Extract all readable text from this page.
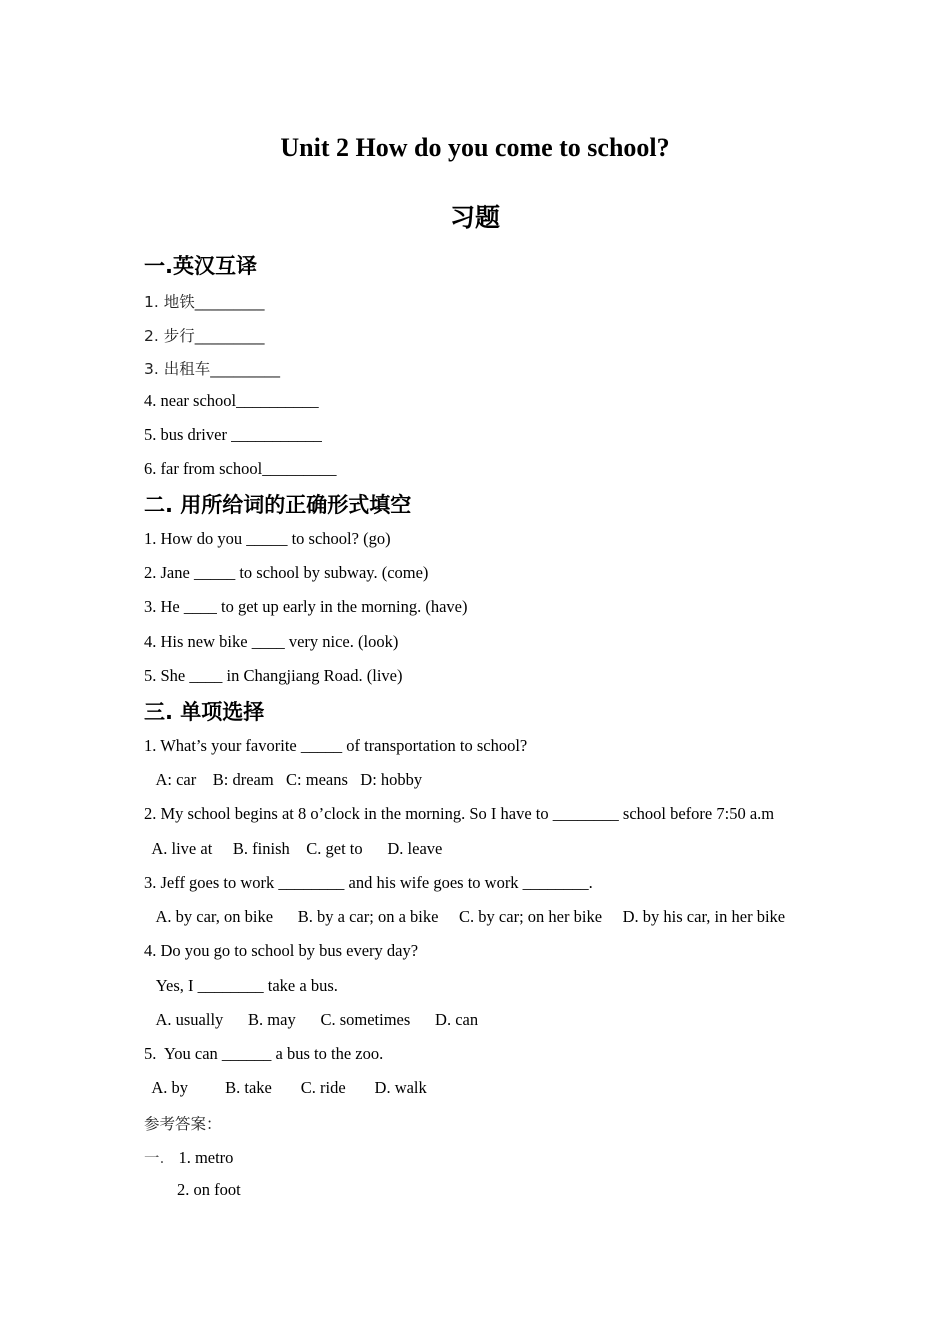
Unit 2 How do you come to school?
习题
一.英汉互译
1. 地铁_________
2. 步行_________
3. 出租车_________
4. near school__________
5. bus driver ___________
6. far from school_________
二. 用所给词的正确形式填空
1. How do you _____ to school? (go)
2. Jane _____ to school by subway. (come)
3. He ____ to get up early in the morning. (have)
4. His new bike ____ very nice. (look)
5. She ____ in Changjiang Road. (live)
三. 单项选择
1. What’s your favorite _____ of transportation to school?
A: car    B: dream   C: means   D: hobby
2. My school begins at 8 o’clock in the morning. So I have to ________ school before 7:50 a.m
A. live at     B. finish    C. get to      D. leave
3. Jeff goes to work ________ and his wife goes to work ________.
A. by car, on bike      B. by a car; on a bike     C. by car; on her bike     D. by his car, in her bike
4. Do you go to school by bus every day?
Yes, I ________ take a bus.
A. usually      B. may      C. sometimes      D. can
5.  You can ______ a bus to the zoo.
A. by         B. take       C. ride       D. walk
参考答案：
一. 1. metro
2. on foot
